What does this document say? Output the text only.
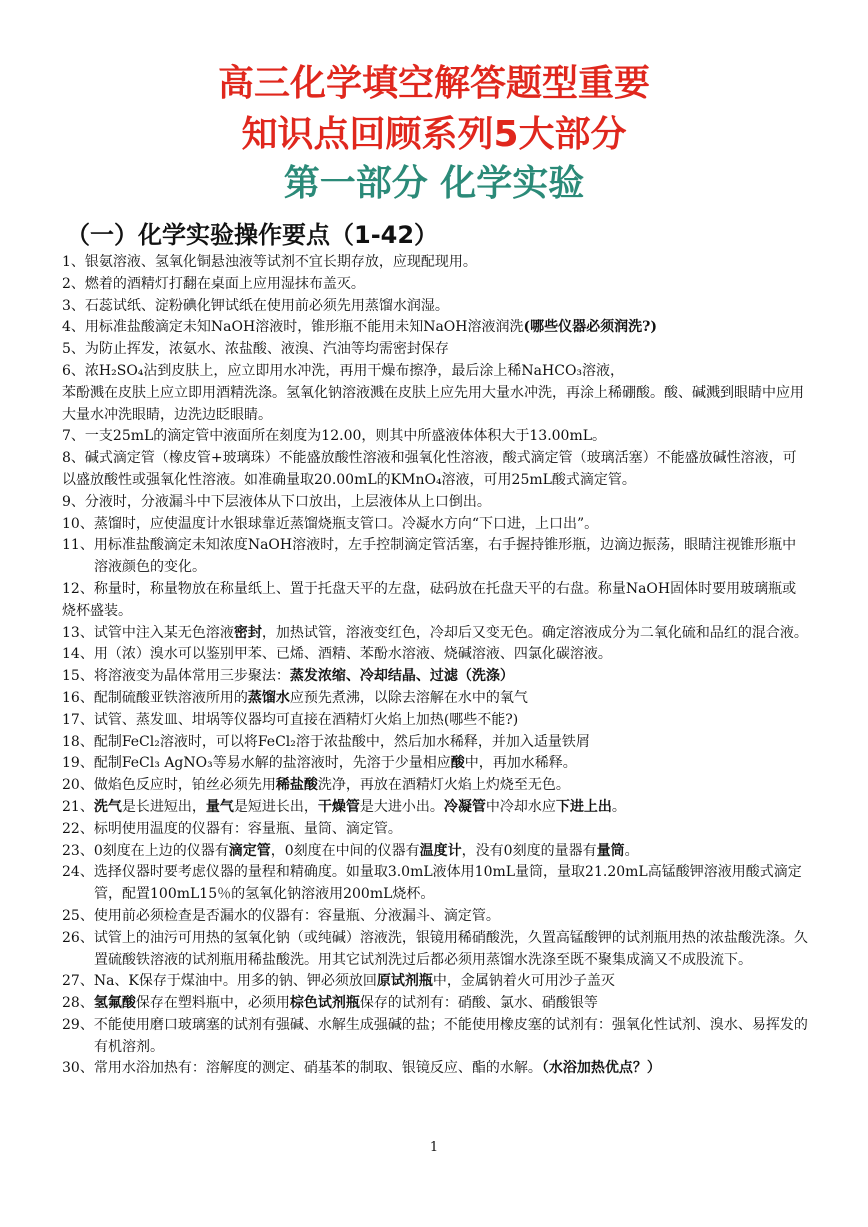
高三化学填空解答题型重要
知识点回顾系列5大部分
第一部分 化学实验
（一）化学实验操作要点（1-42）

1、银氨溶液、氢氧化铜悬浊液等试剂不宜长期存放，应现配现用。

2、燃着的酒精灯打翻在桌面上应用湿抹布盖灭。

3、石蕊试纸、淀粉碘化钾试纸在使用前必须先用蒸馏水润湿。

4、用标准盐酸滴定未知NaOH溶液时，锥形瓶不能用未知NaOH溶液润洗(哪些仪器必须润洗?)

5、为防止挥发，浓氨水、浓盐酸、液溴、汽油等均需密封保存

6、浓H₂SO₄沾到皮肤上，应立即用水冲洗，再用干燥布擦净，最后涂上稀NaHCO₃溶液，

苯酚溅在皮肤上应立即用酒精洗涤。氢氧化钠溶液溅在皮肤上应先用大量水冲洗，再涂上稀硼酸。酸、碱溅到眼睛中应用大量水冲洗眼睛，边洗边眨眼睛。

7、一支25mL的滴定管中液面所在刻度为12.00，则其中所盛液体体积大于13.00mL。

8、碱式滴定管（橡皮管+玻璃珠）不能盛放酸性溶液和强氧化性溶液，酸式滴定管（玻璃活塞）不能盛放碱性溶液，可以盛放酸性或强氧化性溶液。如准确量取20.00mL的KMnO₄溶液，可用25mL酸式滴定管。

9、分液时，分液漏斗中下层液体从下口放出，上层液体从上口倒出。

10、蒸馏时，应使温度计水银球靠近蒸馏烧瓶支管口。冷凝水方向“下口进，上口出”。

11、用标准盐酸滴定未知浓度NaOH溶液时，左手控制滴定管活塞，右手握持锥形瓶，边滴边振荡，眼睛注视锥形瓶中溶液颜色的变化。

12、称量时，称量物放在称量纸上、置于托盘天平的左盘，砝码放在托盘天平的右盘。称量NaOH固体时要用玻璃瓶或烧杯盛装。

13、试管中注入某无色溶液密封，加热试管，溶液变红色，冷却后又变无色。确定溶液成分为二氧化硫和品红的混合液。

14、用（浓）溴水可以鉴别甲苯、已烯、酒精、苯酚水溶液、烧碱溶液、四氯化碳溶液。

15、将溶液变为晶体常用三步聚法：蒸发浓缩、冷却结晶、过滤（洗涤）

16、配制硫酸亚铁溶液所用的蒸馏水应预先煮沸，以除去溶解在水中的氧气

17、试管、蒸发皿、坩埚等仪器均可直接在酒精灯火焰上加热(哪些不能?)

18、配制FeCl₂溶液时，可以将FeCl₂溶于浓盐酸中，然后加水稀释，并加入适量铁屑

19、配制FeCl₃ AgNO₃等易水解的盐溶液时，先溶于少量相应酸中，再加水稀释。

20、做焰色反应时，铂丝必须先用稀盐酸洗净，再放在酒精灯火焰上灼烧至无色。

21、洗气是长进短出，量气是短进长出，干燥管是大进小出。冷凝管中冷却水应下进上出。

22、标明使用温度的仪器有：容量瓶、量筒、滴定管。

23、0刻度在上边的仪器有滴定管，0刻度在中间的仪器有温度计，没有0刻度的量器有量筒。

24、选择仪器时要考虑仪器的量程和精确度。如量取3.0mL液体用10mL量筒，量取21.20mL高锰酸钾溶液用酸式滴定管，配置100mL15％的氢氧化钠溶液用200mL烧杯。

25、使用前必须检查是否漏水的仪器有：容量瓶、分液漏斗、滴定管。

26、试管上的油污可用热的氢氧化钠（或纯碱）溶液洗，银镜用稀硝酸洗，久置高锰酸钾的试剂瓶用热的浓盐酸洗涤。久置硫酸铁溶液的试剂瓶用稀盐酸洗。用其它试剂洗过后都必须用蒸馏水洗涤至既不聚集成滴又不成股流下。

27、Na、K保存于煤油中。用多的钠、钾必须放回原试剂瓶中，金属钠着火可用沙子盖灭

28、氢氟酸保存在塑料瓶中，必须用棕色试剂瓶保存的试剂有：硝酸、氯水、硝酸银等

29、不能使用磨口玻璃塞的试剂有强碱、水解生成强碱的盐；不能使用橡皮塞的试剂有：强氧化性试剂、溴水、易挥发的有机溶剂。

30、常用水浴加热有：溶解度的测定、硝基苯的制取、银镜反应、酯的水解。（水浴加热优点？）

1
